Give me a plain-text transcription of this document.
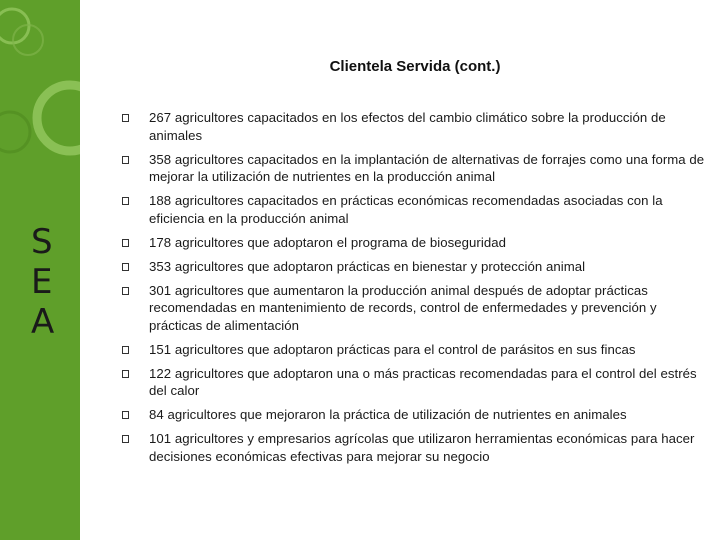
S
E
A
Clientela Servida (cont.)
267 agricultores capacitados en los efectos del cambio climático sobre la producción de animales
358 agricultores capacitados en la implantación de alternativas de forrajes como una forma de mejorar la utilización de nutrientes en la producción animal
188 agricultores capacitados en prácticas económicas recomendadas asociadas con la eficiencia en la producción animal
178 agricultores que adoptaron el programa de bioseguridad
353 agricultores que adoptaron prácticas en bienestar y protección animal
301 agricultores que aumentaron la producción animal después de adoptar prácticas recomendadas en mantenimiento de records, control de enfermedades y prevención y prácticas de alimentación
151 agricultores que adoptaron prácticas para el control de parásitos en sus fincas
122 agricultores que adoptaron una o más practicas recomendadas para el control del estrés del calor
84 agricultores que mejoraron la práctica de utilización de nutrientes en animales
101 agricultores y empresarios agrícolas que utilizaron herramientas económicas para hacer decisiones económicas efectivas para mejorar su negocio
